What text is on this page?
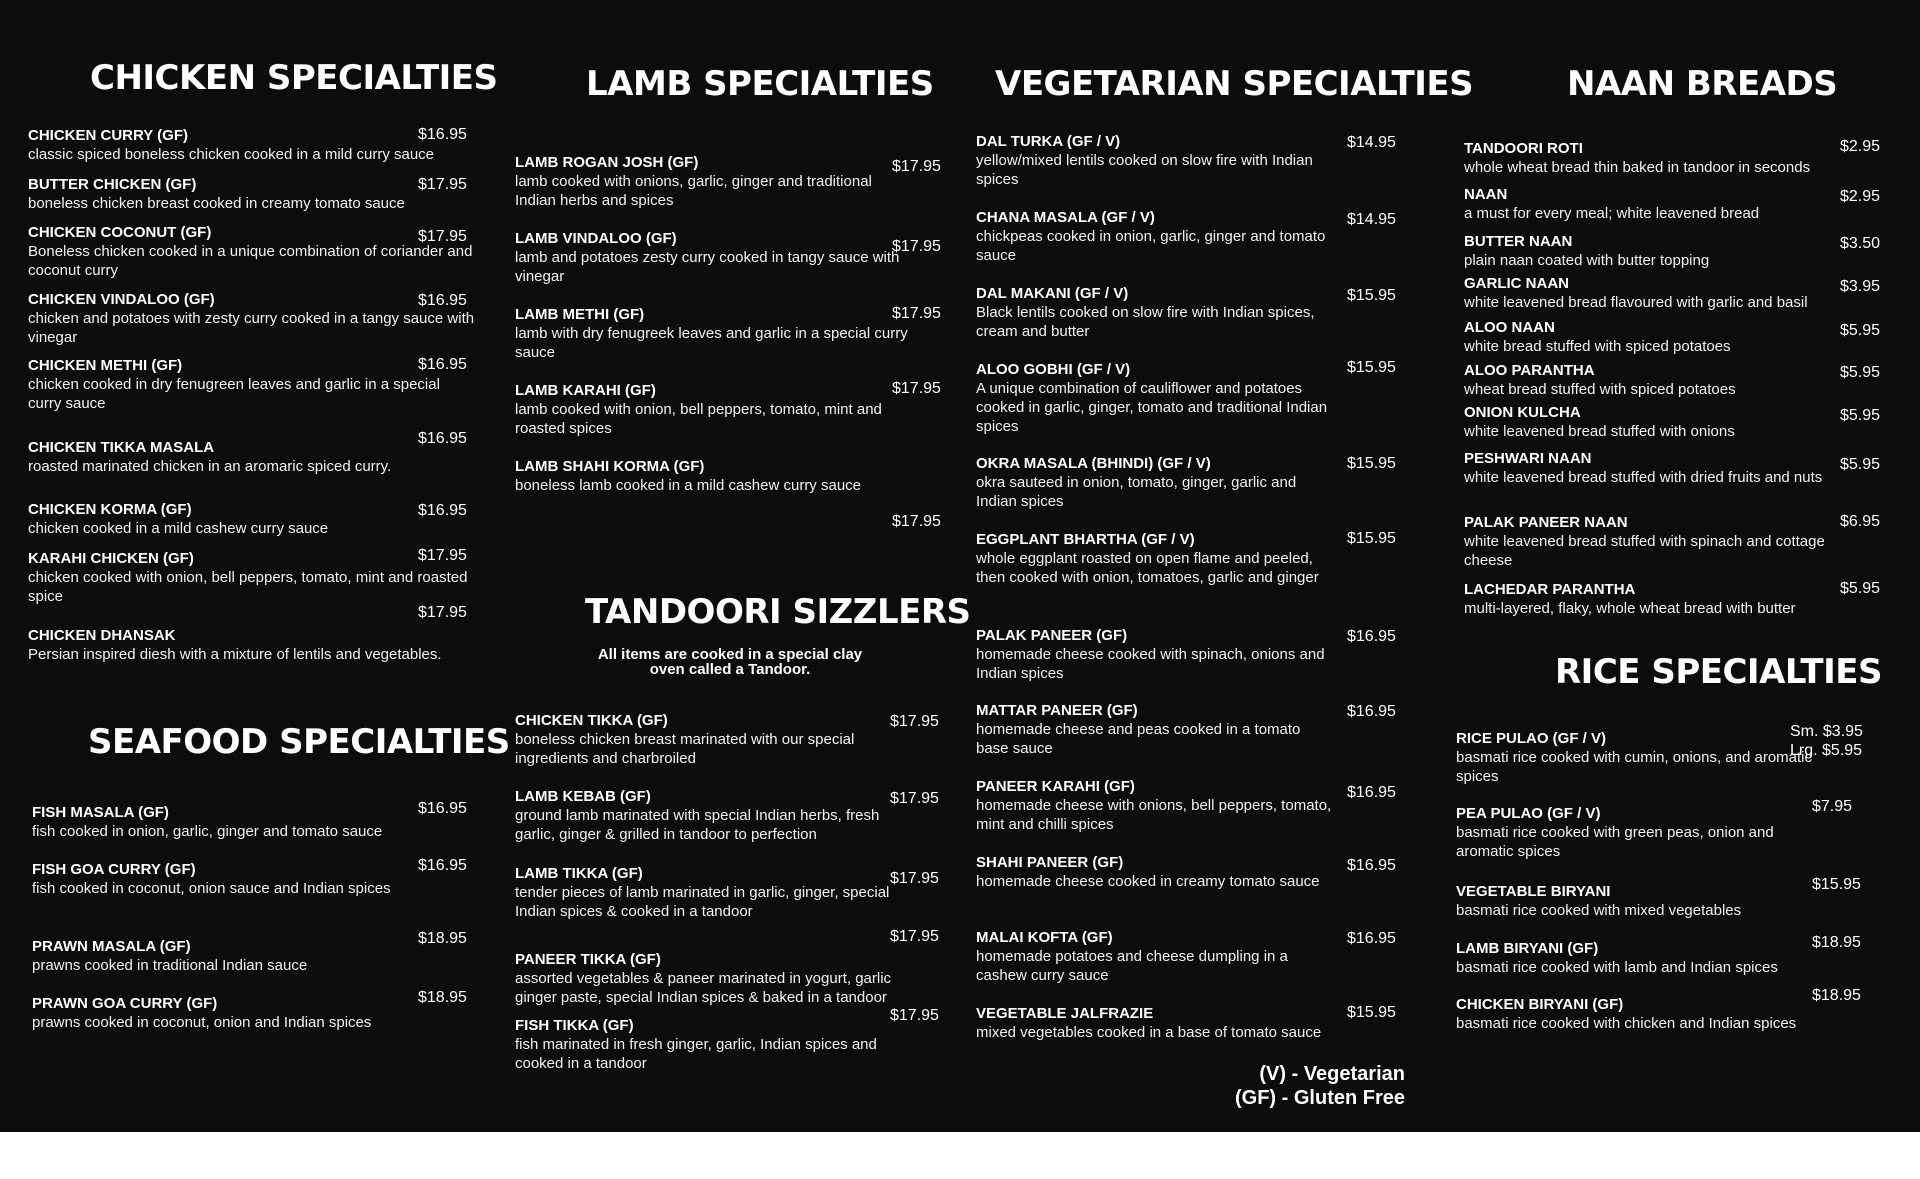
CHICKEN SPECIALTIES
CHICKEN CURRY (GF)
classic spiced boneless chicken cooked in a mild curry sauce
$16.95
BUTTER CHICKEN (GF)
boneless chicken breast cooked in creamy tomato sauce
$17.95
CHICKEN COCONUT (GF)
Boneless chicken cooked in a unique combination of coriander and coconut curry
$17.95
CHICKEN VINDALOO (GF)
chicken and potatoes with zesty curry cooked in a tangy sauce with vinegar
$16.95
CHICKEN METHI (GF)
chicken cooked in dry fenugreen leaves and garlic in a special curry sauce
$16.95
CHICKEN TIKKA MASALA
roasted marinated chicken in an aromaric spiced curry.
$16.95
CHICKEN KORMA (GF)
chicken cooked in a mild cashew curry sauce
$16.95
KARAHI CHICKEN (GF)
chicken cooked with onion, bell peppers, tomato, mint and roasted spice
$17.95
CHICKEN DHANSAK
Persian inspired diesh with a mixture of lentils and vegetables.
$17.95
SEAFOOD SPECIALTIES
FISH MASALA (GF)
fish cooked in onion, garlic, ginger and tomato sauce
$16.95
FISH GOA CURRY (GF)
fish cooked in coconut, onion sauce and Indian spices
$16.95
PRAWN MASALA (GF)
prawns cooked in traditional Indian sauce
$18.95
PRAWN GOA CURRY (GF)
prawns cooked in coconut, onion and Indian spices
$18.95
LAMB SPECIALTIES
LAMB ROGAN JOSH (GF)
lamb cooked with onions, garlic, ginger and traditional Indian herbs and spices
$17.95
LAMB VINDALOO (GF)
lamb and potatoes zesty curry cooked in tangy sauce with vinegar
$17.95
LAMB METHI (GF)
lamb with dry fenugreek leaves and garlic in a special curry sauce
$17.95
LAMB KARAHI (GF)
lamb cooked with onion, bell peppers, tomato, mint and roasted spices
$17.95
LAMB SHAHI KORMA (GF)
boneless lamb cooked in a mild cashew curry sauce
$17.95
TANDOORI SIZZLERS
All items are cooked in a special clay oven called a Tandoor.
CHICKEN TIKKA (GF)
boneless chicken breast marinated with our special ingredients and charbroiled
$17.95
LAMB KEBAB (GF)
ground lamb marinated with special Indian herbs, fresh garlic, ginger & grilled in tandoor to perfection
$17.95
LAMB TIKKA (GF)
tender pieces of lamb marinated in garlic, ginger, special Indian spices & cooked in a tandoor
$17.95
PANEER TIKKA (GF)
assorted vegetables & paneer marinated in yogurt, garlic ginger paste, special Indian spices & baked in a tandoor
$17.95
FISH TIKKA (GF)
fish marinated in fresh ginger, garlic, Indian spices and cooked in a tandoor
$17.95
VEGETARIAN SPECIALTIES
DAL TURKA (GF / V)
yellow/mixed lentils cooked on slow fire with Indian spices
$14.95
CHANA MASALA (GF / V)
chickpeas cooked in onion, garlic, ginger and tomato sauce
$14.95
DAL MAKANI (GF / V)
Black lentils cooked on slow fire with Indian spices, cream and butter
$15.95
ALOO GOBHI (GF / V)
A unique combination of cauliflower and potatoes cooked in garlic, ginger, tomato and traditional Indian spices
$15.95
OKRA MASALA (BHINDI) (GF / V)
okra sauteed in onion, tomato, ginger, garlic and Indian spices
$15.95
EGGPLANT BHARTHA (GF / V)
whole eggplant roasted on open flame and peeled, then cooked with onion, tomatoes, garlic and ginger
$15.95
PALAK PANEER (GF)
homemade cheese cooked with spinach, onions and Indian spices
$16.95
MATTAR PANEER (GF)
homemade cheese and peas cooked in a tomato base sauce
$16.95
PANEER KARAHI (GF)
homemade cheese with onions, bell peppers, tomato, mint and chilli spices
$16.95
SHAHI PANEER (GF)
homemade cheese cooked in creamy tomato sauce
$16.95
MALAI KOFTA (GF)
homemade potatoes and cheese dumpling in a cashew curry sauce
$16.95
VEGETABLE JALFRAZIE
mixed vegetables cooked in a base of tomato sauce
$15.95
(V) - Vegetarian
(GF) - Gluten Free
NAAN BREADS
TANDOORI ROTI
whole wheat bread thin baked in tandoor in seconds
$2.95
NAAN
a must for every meal; white leavened bread
$2.95
BUTTER NAAN
plain naan coated with butter topping
$3.50
GARLIC NAAN
white leavened bread flavoured with garlic and basil
$3.95
ALOO NAAN
white bread stuffed with spiced potatoes
$5.95
ALOO PARANTHA
wheat bread stuffed with spiced potatoes
$5.95
ONION KULCHA
white leavened bread stuffed with onions
$5.95
PESHWARI NAAN
white leavened bread stuffed with dried fruits and nuts
$5.95
PALAK PANEER NAAN
white leavened bread stuffed with spinach and cottage cheese
$6.95
LACHEDAR PARANTHA
multi-layered, flaky, whole wheat bread with butter
$5.95
RICE SPECIALTIES
RICE PULAO (GF / V)
basmati rice cooked with cumin, onions, and aromatic spices
Sm. $3.95
Lrg. $5.95
PEA PULAO (GF / V)
basmati rice cooked with green peas, onion and aromatic spices
$7.95
VEGETABLE BIRYANI
basmati rice cooked with mixed vegetables
$15.95
LAMB BIRYANI (GF)
basmati rice cooked with lamb and Indian spices
$18.95
CHICKEN BIRYANI (GF)
basmati rice cooked with chicken and Indian spices
$18.95
